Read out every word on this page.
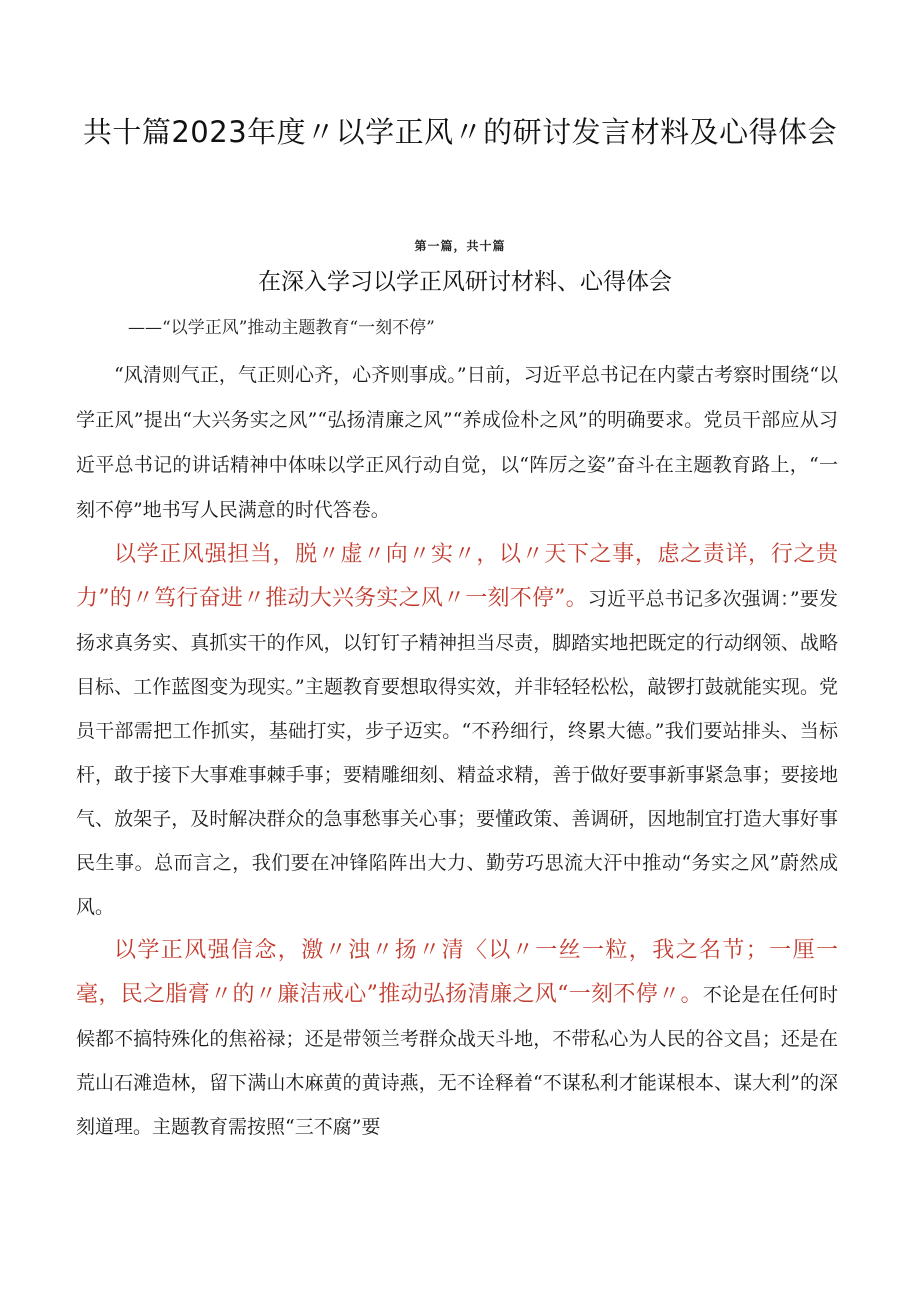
共十篇2023年度〃以学正风〃的研讨发言材料及心得体会
第一篇，共十篇
在深入学习以学正风研讨材料、心得体会
——“以学正风”推动主题教育“一刻不停”

“风清则气正，气正则心齐，心齐则事成。”日前，习近平总书记在内蒙古考察时围绕“以学正风”提出“大兴务实之风”“弘扬清廉之风”“养成俭朴之风”的明确要求。党员干部应从习近平总书记的讲话精神中体味以学正风行动自觉，以“阵厉之姿”奋斗在主题教育路上，“一刻不停”地书写人民满意的时代答卷。

以学正风强担当，脱〃虚〃向〃实〃，以〃天下之事，虑之责详，行之贵力”的〃笃行奋进〃推动大兴务实之风〃一刻不停”。习近平总书记多次强调：”要发扬求真务实、真抓实干的作风，以钉钉子精神担当尽责，脚踏实地把既定的行动纲领、战略目标、工作蓝图变为现实。”主题教育要想取得实效，并非轻轻松松，敲锣打鼓就能实现。党员干部需把工作抓实，基础打实，步子迈实。“不矜细行，终累大德。”我们要站排头、当标杆，敢于接下大事难事棘手事；要精雕细刻、精益求精，善于做好要事新事紧急事；要接地气、放架子，及时解决群众的急事愁事关心事；要懂政策、善调研，因地制宜打造大事好事民生事。总而言之，我们要在冲锋陷阵出大力、勤劳巧思流大汗中推动“务实之风”蔚然成风。

以学正风强信念，激〃浊〃扬〃清〈以〃一丝一粒，我之名节；一厘一毫，民之脂膏〃的〃廉洁戒心”推动弘扬清廉之风“一刻不停〃。不论是在任何时候都不搞特殊化的焦裕禄；还是带领兰考群众战天斗地，不带私心为人民的谷文昌；还是在荒山石滩造林，留下满山木麻黄的黄诗燕，无不诠释着“不谋私利才能谋根本、谋大利”的深刻道理。主题教育需按照“三不腐”要
